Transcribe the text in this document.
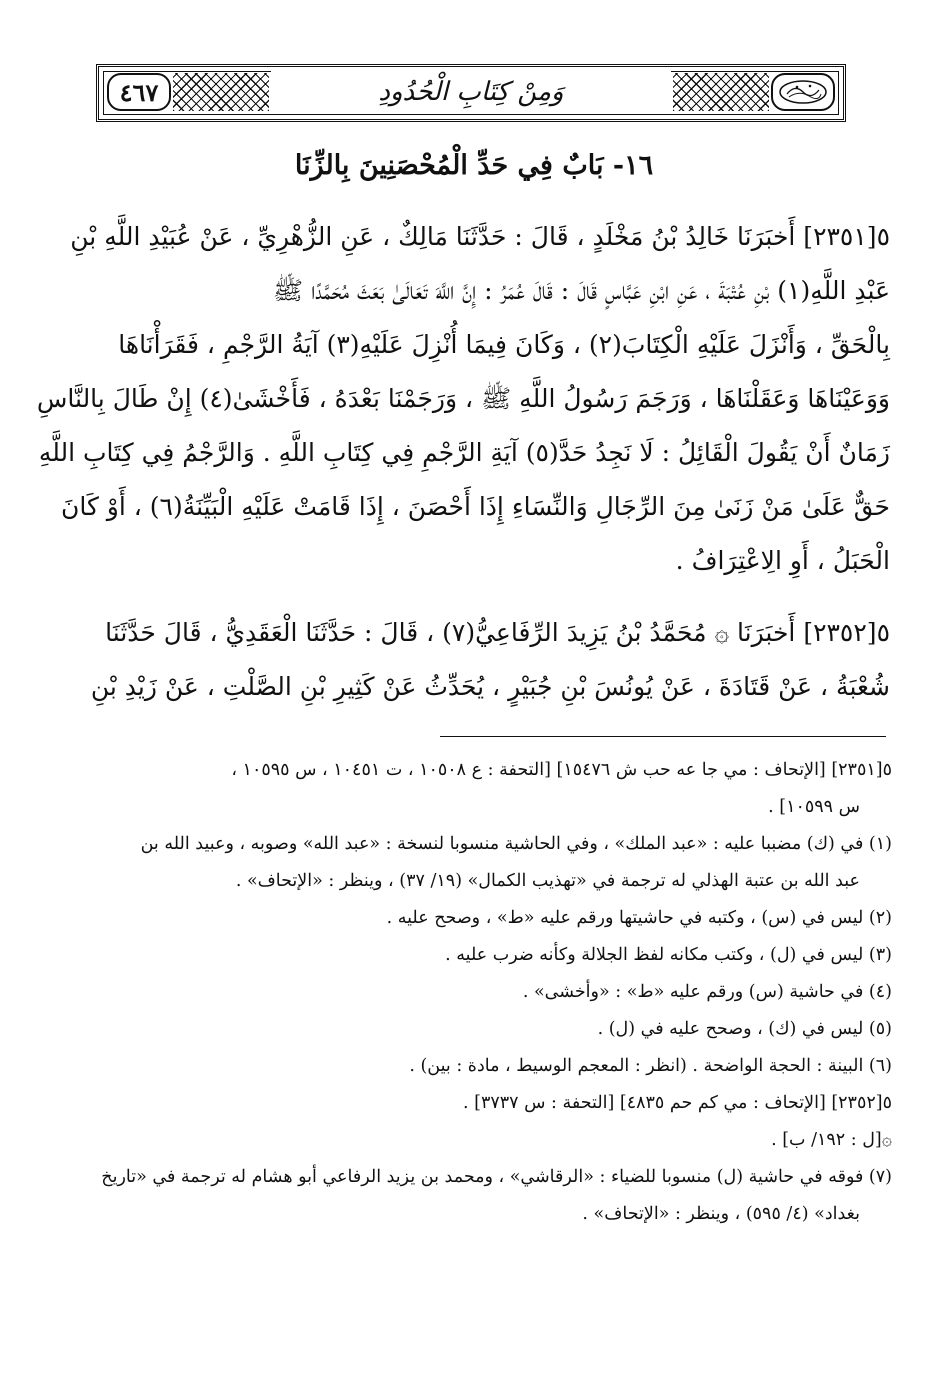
٤٦٧	وَمِنْ كِتَابِ الْحُدُودِ
١٦- بَابٌ فِي حَدِّ الْمُحْصَنِينَ بِالزِّنَا
٥[٢٣٥١] أَخبَرَنَا خَالِدُ بْنُ مَخْلَدٍ ، قَالَ : حَدَّثَنَا مَالِكٌ ، عَنِ الزُّهْرِيِّ ، عَنْ عُبَيْدِ اللَّهِ بْنِ
عَبْدِ اللَّهِ(١) بْنِ عُتْبَةَ ، عَنِ ابْنِ عَبَّاسٍ قَالَ : قَالَ عُمَرُ : إِنَّ اللَّهَ تَعَالَىٰ بَعَثَ مُحَمَّدًا ﷺ
بِالْحَقِّ ، وَأَنْزَلَ عَلَيْهِ الْكِتَابَ(٢) ، وَكَانَ فِيمَا أُنْزِلَ عَلَيْهِ(٣) آيَةُ الرَّجْمِ ، فَقَرَأْنَاهَا
وَوَعَيْنَاهَا وَعَقَلْنَاهَا ، وَرَجَمَ رَسُولُ اللَّهِ ﷺ ، وَرَجَمْنَا بَعْدَهُ ، فَأَخْشَىٰ(٤) إِنْ طَالَ بِالنَّاسِ
زَمَانٌ أَنْ يَقُولَ الْقَائِلُ : لَا نَجِدُ حَدَّ(٥) آيَةِ الرَّجْمِ فِي كِتَابِ اللَّهِ . وَالرَّجْمُ فِي كِتَابِ اللَّهِ
حَقٌّ عَلَىٰ مَنْ زَنَىٰ مِنَ الرِّجَالِ وَالنِّسَاءِ إِذَا أَحْصَنَ ، إِذَا قَامَتْ عَلَيْهِ الْبَيِّنَةُ(٦) ، أَوْ كَانَ
الْحَبَلُ ، أَوِ الِاعْتِرَافُ .
٥[٢٣٥٢] أَخبَرَنَا ۞ مُحَمَّدُ بْنُ يَزِيدَ الرِّفَاعِيُّ(٧) ، قَالَ : حَدَّثَنَا الْعَقَدِيُّ ، قَالَ حَدَّثَنَا
شُعْبَةُ ، عَنْ قَتَادَةَ ، عَنْ يُونُسَ بْنِ جُبَيْرٍ ، يُحَدِّثُ عَنْ كَثِيرِ بْنِ الصَّلْتِ ، عَنْ زَيْدِ بْنِ
٥[٢٣٥١] [الإتحاف : مي جا عه حب ش ١٥٤٧٦] [التحفة : ع ١٠٥٠٨ ، ت ١٠٤٥١ ، س ١٠٥٩٥ ،
س ١٠٥٩٩] .
(١) في (ك) مضببا عليه : «عبد الملك» ، وفي الحاشية منسوبا لنسخة : «عبد الله» وصوبه ، وعبيد الله بن
عبد الله بن عتبة الهذلي له ترجمة في «تهذيب الكمال» (١٩/ ٣٧) ، وينظر : «الإتحاف» .
(٢) ليس في (س) ، وكتبه في حاشيتها ورقم عليه «ط» ، وصحح عليه .
(٣) ليس في (ل) ، وكتب مكانه لفظ الجلالة وكأنه ضرب عليه .
(٤) في حاشية (س) ورقم عليه «ط» : «وأخشى» .
(٥) ليس في (ك) ، وصحح عليه في (ل) .
(٦) البينة : الحجة الواضحة . (انظر : المعجم الوسيط ، مادة : بين) .
٥[٢٣٥٢] [الإتحاف : مي كم حم ٤٨٣٥] [التحفة : س ٣٧٣٧] .
۞[ل : ١٩٢/ ب] .
(٧) فوقه في حاشية (ل) منسوبا للضياء : «الرقاشي» ، ومحمد بن يزيد الرفاعي أبو هشام له ترجمة في «تاريخ
بغداد» (٤/ ٥٩٥) ، وينظر : «الإتحاف» .
